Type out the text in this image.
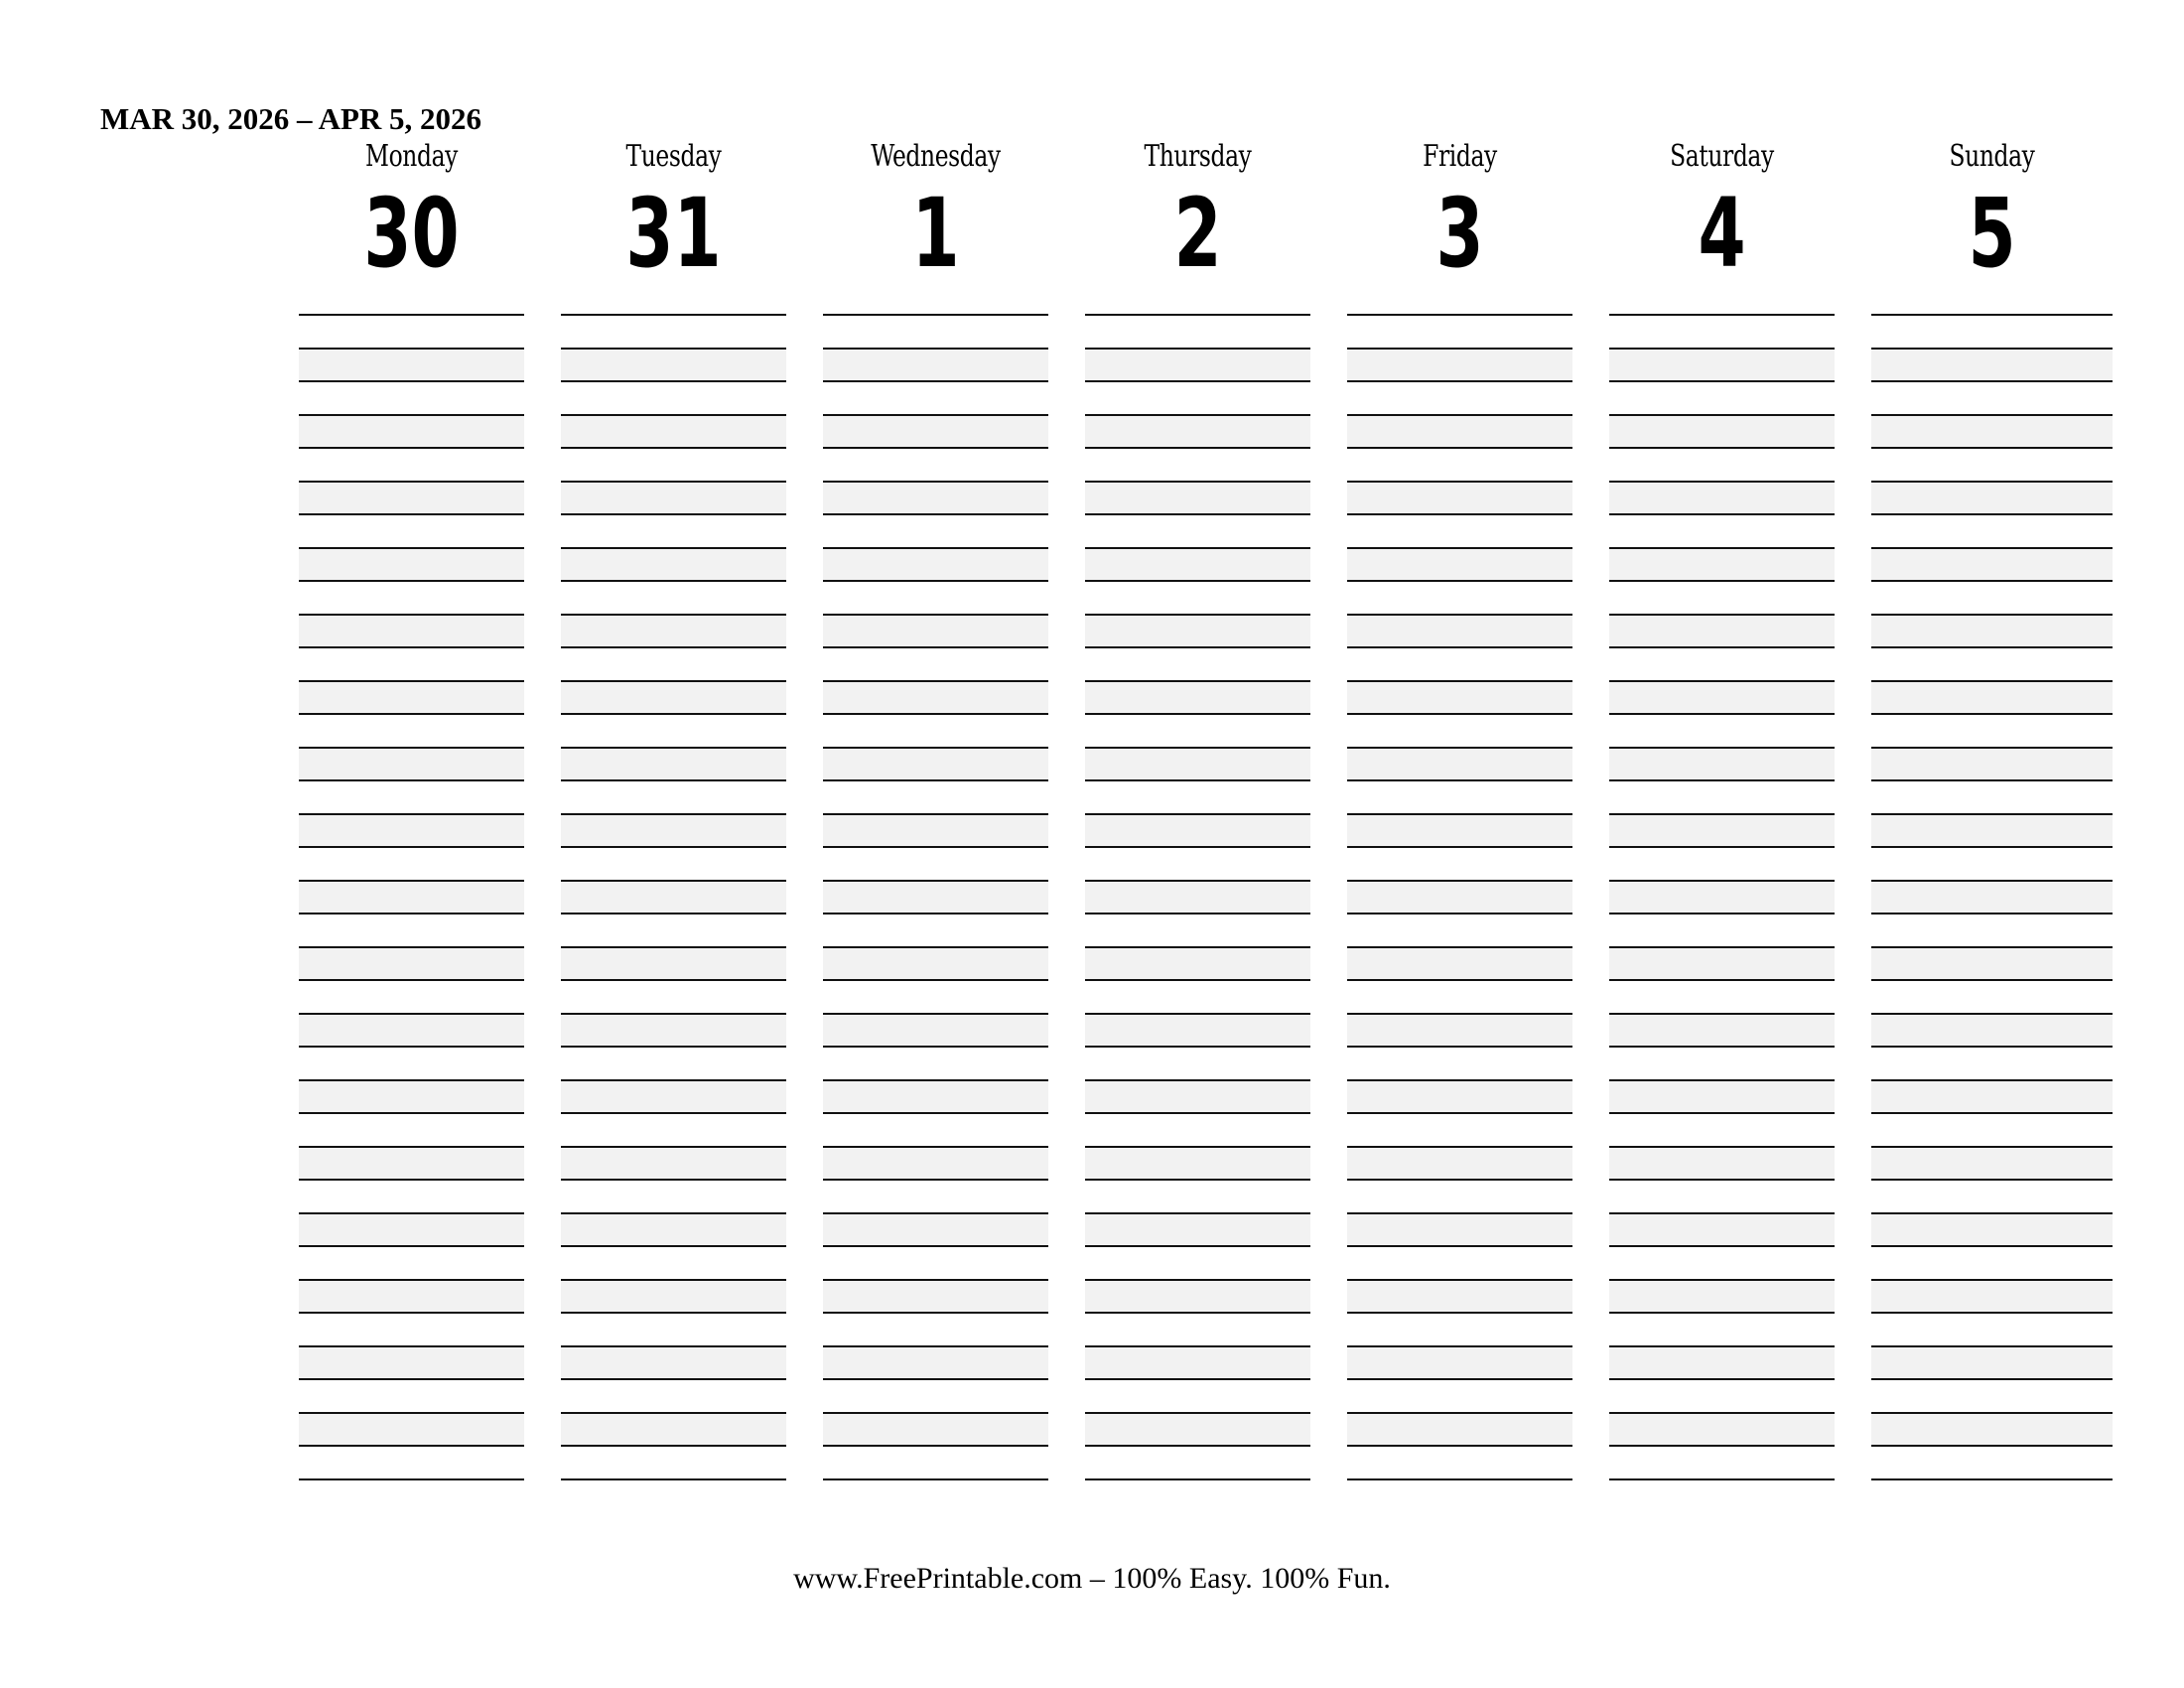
MAR 30, 2026 – APR 5, 2026
Monday
30
Tuesday
31
Wednesday
1
Thursday
2
Friday
3
Saturday
4
Sunday
5
www.FreePrintable.com – 100% Easy. 100% Fun.
